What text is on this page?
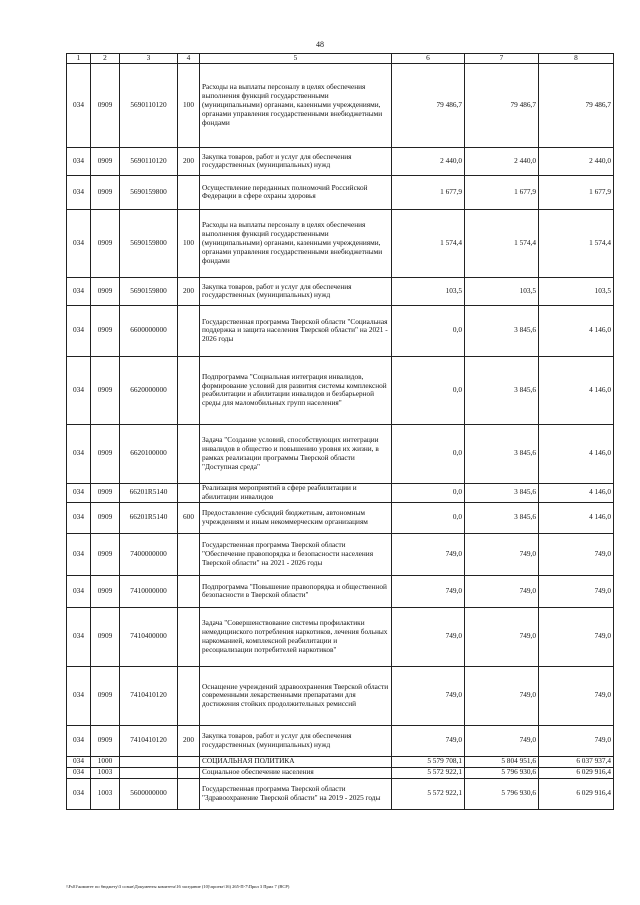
48
1	2	3	4	5	6	7	8
034	0909	5690110120	100	Расходы на выплаты персоналу в целях обеспечения выполнения функций государственными (муниципальными) органами, казенными учреждениями, органами управления государственными внебюджетными фондами	79 486,7	79 486,7	79 486,7
034	0909	5690110120	200	Закупка товаров, работ и услуг для обеспечения государственных (муниципальных) нужд	2 440,0	2 440,0	2 440,0
034	0909	5690159800		Осуществление переданных полномочий Российской Федерации в сфере охраны здоровья	1 677,9	1 677,9	1 677,9
034	0909	5690159800	100	Расходы на выплаты персоналу в целях обеспечения выполнения функций государственными (муниципальными) органами, казенными учреждениями, органами управления государственными внебюджетными фондами	1 574,4	1 574,4	1 574,4
034	0909	5690159800	200	Закупка товаров, работ и услуг для обеспечения государственных (муниципальных) нужд	103,5	103,5	103,5
034	0909	6600000000		Государственная программа Тверской области "Социальная поддержка и защита населения Тверской области" на 2021 - 2026 годы	0,0	3 845,6	4 146,0
034	0909	6620000000		Подпрограмма "Социальная интеграция инвалидов, формирование условий для развития системы комплексной реабилитации и абилитации инвалидов и безбарьерной среды для маломобильных групп населения"	0,0	3 845,6	4 146,0
034	0909	6620100000		Задача "Создание условий, способствующих интеграции инвалидов в общество и повышению уровня их жизни, в рамках реализации программы Тверской области "Доступная среда"	0,0	3 845,6	4 146,0
034	0909	66201R5140		Реализация мероприятий в сфере реабилитации и абилитации инвалидов	0,0	3 845,6	4 146,0
034	0909	66201R5140	600	Предоставление субсидий бюджетным, автономным учреждениям и иным некоммерческим организациям	0,0	3 845,6	4 146,0
034	0909	7400000000		Государственная программа Тверской области "Обеспечение правопорядка и безопасности населения Тверской области" на 2021 - 2026 годы	749,0	749,0	749,0
034	0909	7410000000		Подпрограмма "Повышение правопорядка и общественной безопасности в Тверской области"	749,0	749,0	749,0
034	0909	7410400000		Задача "Совершенствование системы профилактики немедицинского потребления наркотиков, лечения больных наркоманией, комплексной реабилитации и ресоциализации потребителей наркотиков"	749,0	749,0	749,0
034	0909	7410410120		Оснащение учреждений здравоохранения Тверской области современными лекарственными препаратами для достижения стойких продолжительных ремиссий	749,0	749,0	749,0
034	0909	7410410120	200	Закупка товаров, работ и услуг для обеспечения государственных (муниципальных) нужд	749,0	749,0	749,0
034	1000			СОЦИАЛЬНАЯ ПОЛИТИКА	5 579 708,1	5 804 951,6	6 037 937,4
034	1003			Социальное обеспечение населения	5 572 922,1	5 796 930,6	6 029 916,4
034	1003	5600000000		Государственная программа Тверской области "Здравоохранение Тверской области" на 2019 - 2025 годы	5 572 922,1	5 796 930,6	6 029 916,4
\\Fs01\комитет по бюджету\3 созыв\Документы комитета\16 заседание (10)\проект\16) 265-П-7\Прил 3 Прил 7 (ВСР)
